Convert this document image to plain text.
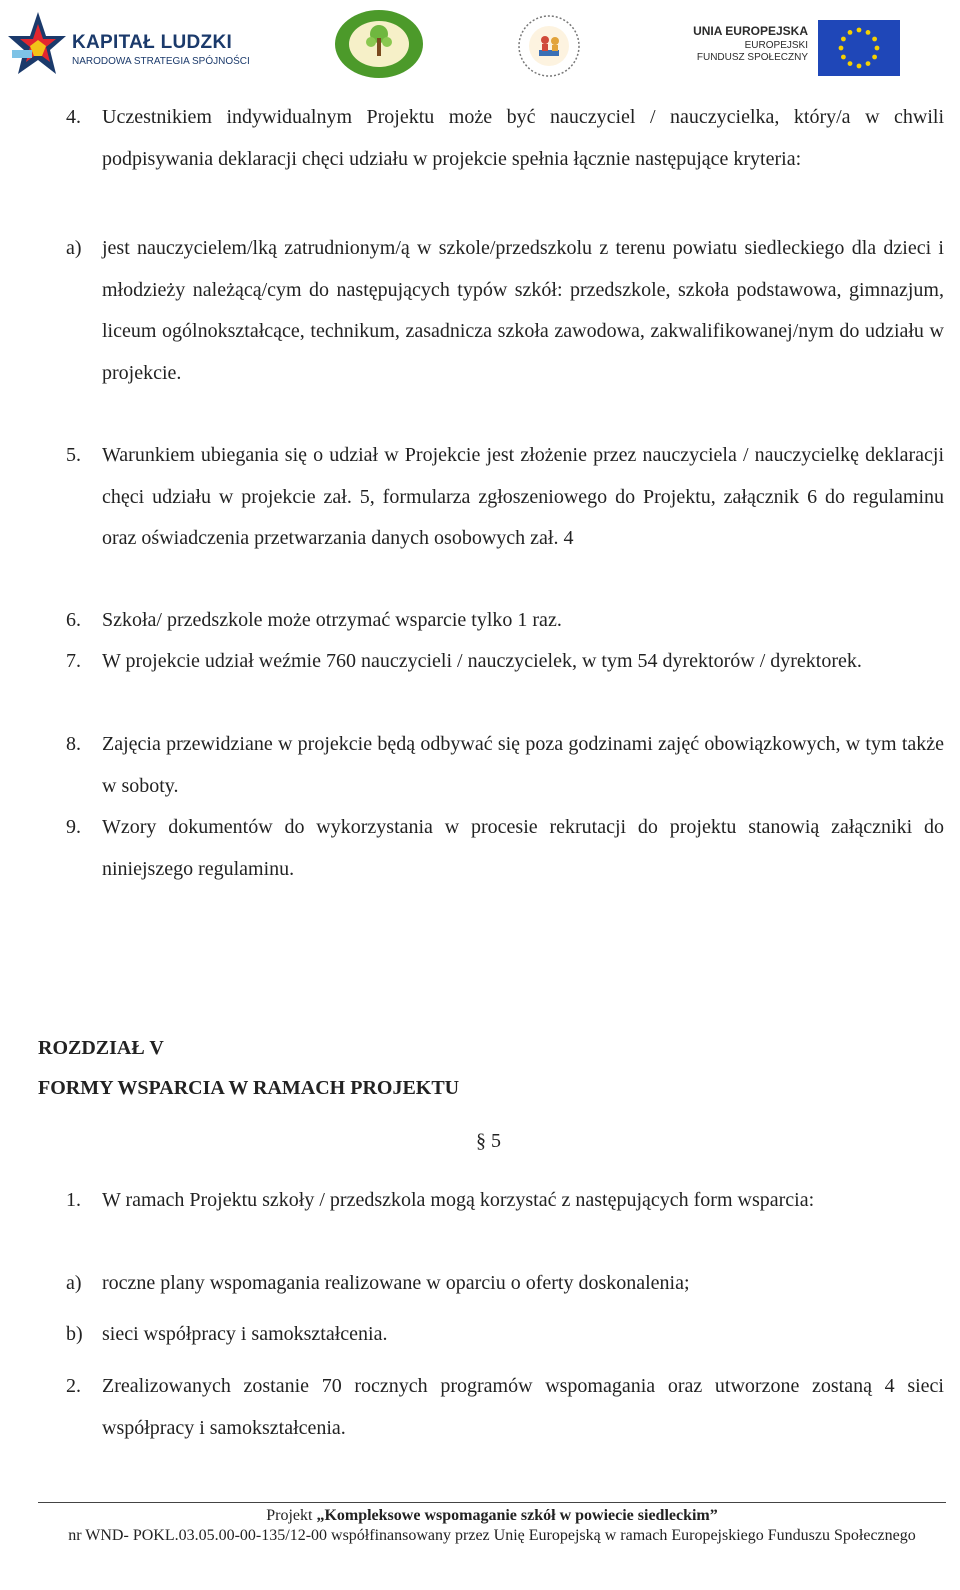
KAPITAŁ LUDZKI
NARODOWA STRATEGIA SPÓJNOŚCI
UNIA EUROPEJSKA
EUROPEJSKI
FUNDUSZ SPOŁECZNY
4. Uczestnikiem indywidualnym Projektu może być nauczyciel / nauczycielka, który/a w chwili podpisywania deklaracji chęci udziału w projekcie spełnia łącznie następujące kryteria:
a) jest nauczycielem/lką zatrudnionym/ą w szkole/przedszkolu z terenu powiatu siedleckiego dla dzieci i młodzieży należącą/cym do następujących typów szkół: przedszkole, szkoła podstawowa, gimnazjum, liceum ogólnokształcące, technikum, zasadnicza szkoła zawodowa, zakwalifikowanej/nym do udziału w projekcie.
5. Warunkiem ubiegania się o udział w Projekcie jest złożenie przez nauczyciela / nauczycielkę deklaracji chęci udziału w projekcie zał. 5, formularza zgłoszeniowego do Projektu, załącznik 6 do regulaminu oraz oświadczenia przetwarzania danych osobowych zał. 4
6. Szkoła/ przedszkole może otrzymać wsparcie tylko 1 raz.
7. W projekcie udział weźmie 760 nauczycieli / nauczycielek, w tym 54 dyrektorów / dyrektorek.
8. Zajęcia przewidziane w projekcie będą odbywać się poza godzinami zajęć obowiązkowych, w tym także w soboty.
9. Wzory dokumentów do wykorzystania w procesie rekrutacji do projektu stanowią załączniki do niniejszego regulaminu.
ROZDZIAŁ V
FORMY WSPARCIA W RAMACH PROJEKTU
§ 5
1. W ramach Projektu szkoły / przedszkola mogą korzystać z następujących form wsparcia:
a) roczne plany wspomagania realizowane w oparciu o oferty doskonalenia;
b) sieci współpracy i samokształcenia.
2. Zrealizowanych zostanie 70 rocznych programów wspomagania oraz utworzone zostaną 4 sieci współpracy i samokształcenia.
Projekt „Kompleksowe wspomaganie szkół w powiecie siedleckim”
nr WND- POKL.03.05.00-00-135/12-00 współfinansowany przez Unię Europejską w ramach Europejskiego Funduszu Społecznego
